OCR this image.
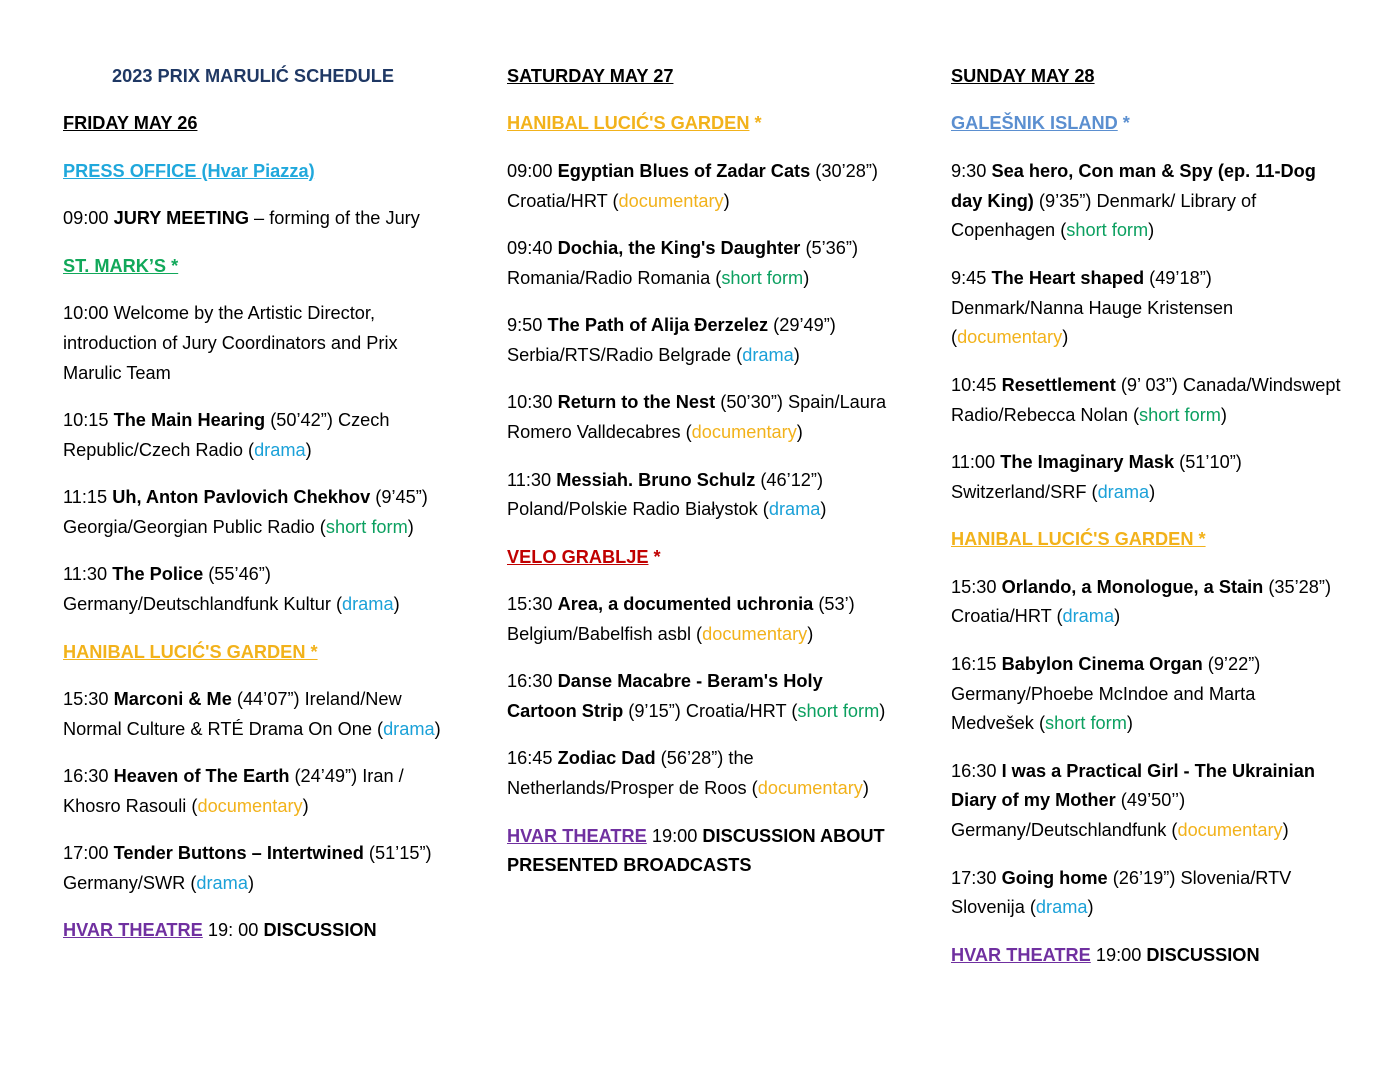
2023 PRIX MARULIĆ SCHEDULE

FRIDAY MAY 26

PRESS OFFICE (Hvar Piazza)

09:00 JURY MEETING – forming of the Jury

ST. MARK’S *

10:00 Welcome by the Artistic Director, introduction of Jury Coordinators and Prix Marulic Team

10:15 The Main Hearing (50’42”) Czech Republic/Czech Radio (drama)

11:15 Uh, Anton Pavlovich Chekhov (9’45”) Georgia/Georgian Public Radio (short form)

11:30 The Police (55’46”) Germany/Deutschlandfunk Kultur (drama)

HANIBAL LUCIĆ'S GARDEN *

15:30 Marconi & Me (44’07”) Ireland/New Normal Culture & RTÉ Drama On One (drama)

16:30 Heaven of The Earth (24’49”) Iran / Khosro Rasouli (documentary)

17:00 Tender Buttons – Intertwined (51’15”) Germany/SWR (drama)

HVAR THEATRE 19: 00 DISCUSSION

SATURDAY MAY 27

HANIBAL LUCIĆ'S GARDEN *

09:00 Egyptian Blues of Zadar Cats (30’28”) Croatia/HRT (documentary)

09:40 Dochia, the King's Daughter (5’36”) Romania/Radio Romania (short form)

9:50 The Path of Alija Đerzelez (29’49”) Serbia/RTS/Radio Belgrade (drama)

10:30 Return to the Nest (50’30”) Spain/Laura Romero Valldecabres (documentary)

11:30 Messiah. Bruno Schulz (46’12”) Poland/Polskie Radio Białystok (drama)

VELO GRABLJE *

15:30 Area, a documented uchronia (53’) Belgium/Babelfish asbl (documentary)

16:30 Danse Macabre - Beram's Holy Cartoon Strip (9’15”) Croatia/HRT (short form)

16:45 Zodiac Dad (56’28”) the Netherlands/Prosper de Roos (documentary)

HVAR THEATRE 19:00 DISCUSSION ABOUT PRESENTED BROADCASTS

SUNDAY MAY 28

GALEŠNIK ISLAND *

9:30 Sea hero, Con man & Spy (ep. 11-Dog day King) (9’35”) Denmark/ Library of Copenhagen (short form)

9:45 The Heart shaped (49’18”) Denmark/Nanna Hauge Kristensen (documentary)

10:45 Resettlement (9’ 03”) Canada/Windswept Radio/Rebecca Nolan (short form)

11:00 The Imaginary Mask (51’10”) Switzerland/SRF (drama)

HANIBAL LUCIĆ'S GARDEN *

15:30 Orlando, a Monologue, a Stain (35’28”) Croatia/HRT (drama)

16:15 Babylon Cinema Organ (9’22”) Germany/Phoebe McIndoe and Marta Medvešek (short form)

16:30 I was a Practical Girl - The Ukrainian Diary of my Mother (49’50’’) Germany/Deutschlandfunk (documentary)

17:30 Going home (26’19”) Slovenia/RTV Slovenija (drama)

HVAR THEATRE 19:00 DISCUSSION
